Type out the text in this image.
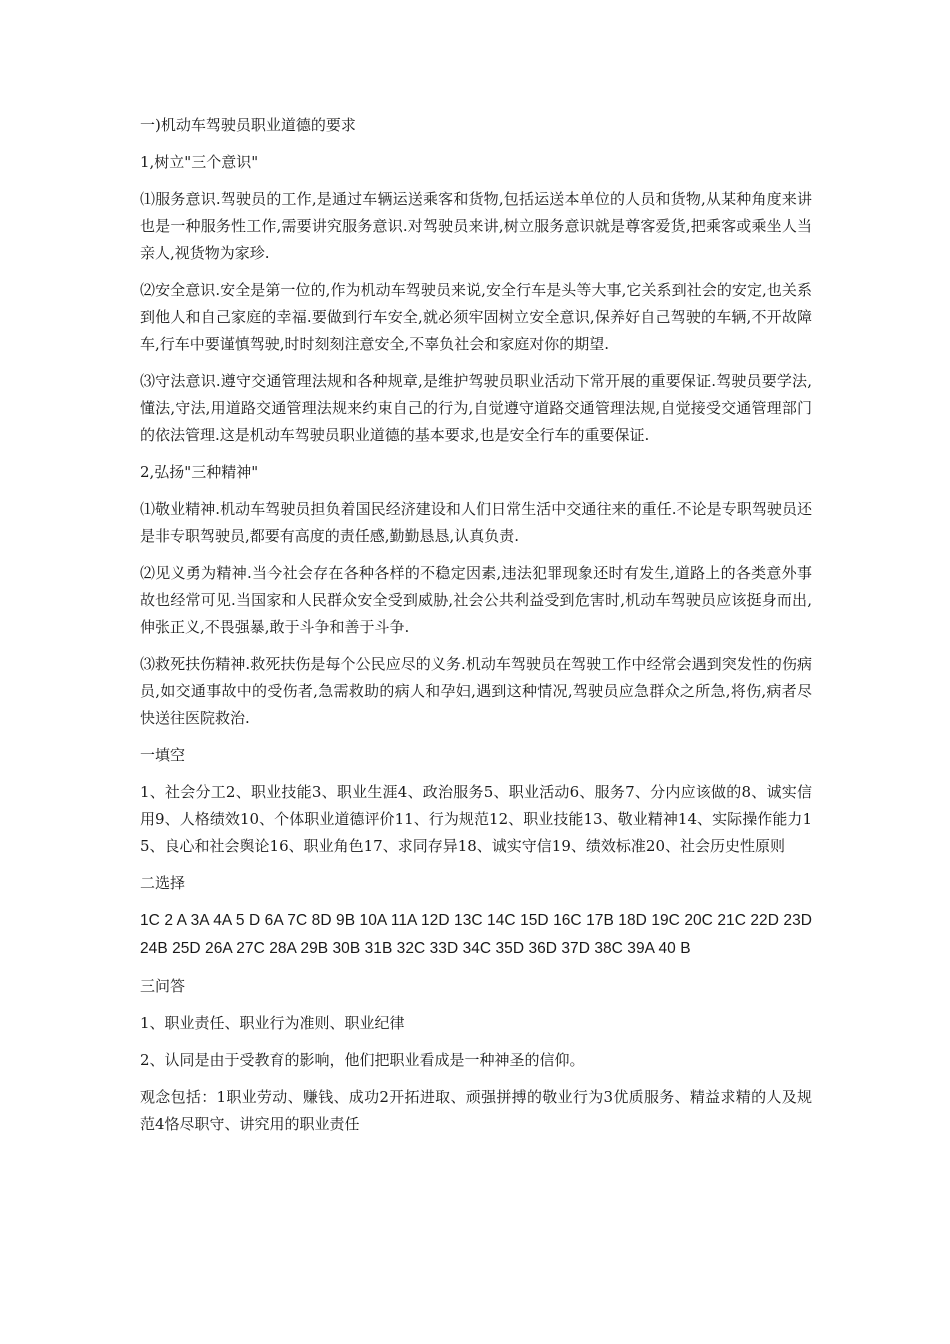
一)机动车驾驶员职业道德的要求

1,树立"三个意识"

⑴服务意识.驾驶员的工作,是通过车辆运送乘客和货物,包括运送本单位的人员和货物,从某种角度来讲也是一种服务性工作,需要讲究服务意识.对驾驶员来讲,树立服务意识就是尊客爱货,把乘客或乘坐人当亲人,视货物为家珍.

⑵安全意识.安全是第一位的,作为机动车驾驶员来说,安全行车是头等大事,它关系到社会的安定,也关系到他人和自己家庭的幸福.要做到行车安全,就必须牢固树立安全意识,保养好自己驾驶的车辆,不开故障车,行车中要谨慎驾驶,时时刻刻注意安全,不辜负社会和家庭对你的期望.

⑶守法意识.遵守交通管理法规和各种规章,是维护驾驶员职业活动下常开展的重要保证.驾驶员要学法,懂法,守法,用道路交通管理法规来约束自己的行为,自觉遵守道路交通管理法规,自觉接受交通管理部门的依法管理.这是机动车驾驶员职业道德的基本要求,也是安全行车的重要保证.

2,弘扬"三种精神"

⑴敬业精神.机动车驾驶员担负着国民经济建设和人们日常生活中交通往来的重任.不论是专职驾驶员还是非专职驾驶员,都要有高度的责任感,勤勤恳恳,认真负责.

⑵见义勇为精神.当今社会存在各种各样的不稳定因素,违法犯罪现象还时有发生,道路上的各类意外事故也经常可见.当国家和人民群众安全受到威胁,社会公共利益受到危害时,机动车驾驶员应该挺身而出,伸张正义,不畏强暴,敢于斗争和善于斗争.

⑶救死扶伤精神.救死扶伤是每个公民应尽的义务.机动车驾驶员在驾驶工作中经常会遇到突发性的伤病员,如交通事故中的受伤者,急需救助的病人和孕妇,遇到这种情况,驾驶员应急群众之所急,将伤,病者尽快送往医院救治.

一填空

1、社会分工2、职业技能3、职业生涯4、政治服务5、职业活动6、服务7、分内应该做的8、诚实信用9、人格绩效10、个体职业道德评价11、行为规范12、职业技能13、敬业精神14、实际操作能力15、良心和社会舆论16、职业角色17、求同存异18、诚实守信19、绩效标准20、社会历史性原则

二选择

1C 2 A 3A 4A 5 D 6A 7C 8D 9B 10A 11A 12D 13C 14C 15D 16C 17B 18D 19C 20C 21C 22D 23D 24B 25D 26A 27C 28A 29B 30B 31B 32C 33D 34C 35D 36D 37D 38C 39A 40 B

三问答

1、职业责任、职业行为准则、职业纪律

2、认同是由于受教育的影响，他们把职业看成是一种神圣的信仰。

观念包括：1职业劳动、赚钱、成功2开拓进取、顽强拼搏的敬业行为3优质服务、精益求精的人及规范4恪尽职守、讲究用的职业责任
